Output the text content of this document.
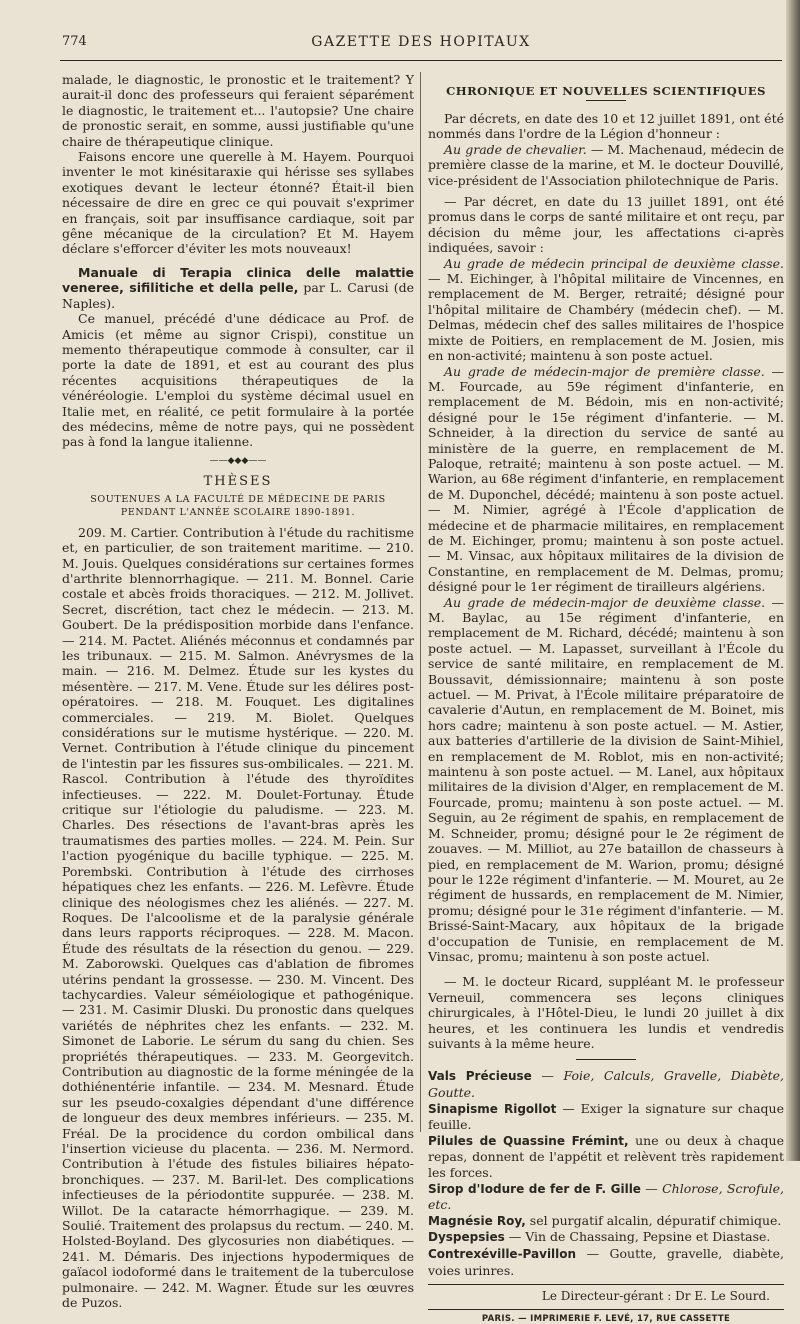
774	GAZETTE DES HOPITAUX

malade, le diagnostic, le pronostic et le traitement? Y aurait-il donc des professeurs qui feraient séparément le diagnostic, le traitement et... l'autopsie? Une chaire de pronostic serait, en somme, aussi justifiable qu'une chaire de thérapeutique clinique.

Faisons encore une querelle à M. Hayem. Pourquoi inventer le mot kinésitaraxie qui hérisse ses syllabes exotiques devant le lecteur étonné? Était-il bien nécessaire de dire en grec ce qui pouvait s'exprimer en français, soit par insuffisance cardiaque, soit par gêne mécanique de la circulation? Et M. Hayem déclare s'efforcer d'éviter les mots nouveaux!

Manuale di Terapia clinica delle malattie veneree, sifilitiche et della pelle, par L. Carusi (de Naples).

Ce manuel, précédé d'une dédicace au Prof. de Amicis (et même au signor Crispi), constitue un memento thérapeutique commode à consulter, car il porte la date de 1891, et est au courant des plus récentes acquisitions thérapeutiques de la vénéréologie. L'emploi du système décimal usuel en Italie met, en réalité, ce petit formulaire à la portée des médecins, même de notre pays, qui ne possèdent pas à fond la langue italienne.

——◆◆◆——
THÈSES
SOUTENUES A LA FACULTÉ DE MÉDECINE DE PARIS
PENDANT L'ANNÉE SCOLAIRE 1890-1891.

209. M. Cartier. Contribution à l'étude du rachitisme et, en particulier, de son traitement maritime. — 210. M. Jouis. Quelques considérations sur certaines formes d'arthrite blennorrhagique. — 211. M. Bonnel. Carie costale et abcès froids thoraciques. — 212. M. Jollivet. Secret, discrétion, tact chez le médecin. — 213. M. Goubert. De la prédisposition morbide dans l'enfance. — 214. M. Pactet. Aliénés méconnus et condamnés par les tribunaux. — 215. M. Salmon. Anévrysmes de la main. — 216. M. Delmez. Étude sur les kystes du mésentère. — 217. M. Vene. Étude sur les délires post-opératoires. — 218. M. Fouquet. Les digitalines commerciales. — 219. M. Biolet. Quelques considérations sur le mutisme hystérique. — 220. M. Vernet. Contribution à l'étude clinique du pincement de l'intestin par les fissures sus-ombilicales. — 221. M. Rascol. Contribution à l'étude des thyroïdites infectieuses. — 222. M. Doulet-Fortunay. Étude critique sur l'étiologie du paludisme. — 223. M. Charles. Des résections de l'avant-bras après les traumatismes des parties molles. — 224. M. Pein. Sur l'action pyogénique du bacille typhique. — 225. M. Porembski. Contribution à l'étude des cirrhoses hépatiques chez les enfants. — 226. M. Lefèvre. Étude clinique des néologismes chez les aliénés. — 227. M. Roques. De l'alcoolisme et de la paralysie générale dans leurs rapports réciproques. — 228. M. Macon. Étude des résultats de la résection du genou. — 229. M. Zaborowski. Quelques cas d'ablation de fibromes utérins pendant la grossesse. — 230. M. Vincent. Des tachycardies. Valeur séméiologique et pathogénique. — 231. M. Casimir Dluski. Du pronostic dans quelques variétés de néphrites chez les enfants. — 232. M. Simonet de Laborie. Le sérum du sang du chien. Ses propriétés thérapeutiques. — 233. M. Georgevitch. Contribution au diagnostic de la forme méningée de la dothiénentérie infantile. — 234. M. Mesnard. Étude sur les pseudo-coxalgies dépendant d'une différence de longueur des deux membres inférieurs. — 235. M. Fréal. De la procidence du cordon ombilical dans l'insertion vicieuse du placenta. — 236. M. Nermord. Contribution à l'étude des fistules biliaires hépato-bronchiques. — 237. M. Baril-let. Des complications infectieuses de la périodontite suppurée. — 238. M. Willot. De la cataracte hémorrhagique. — 239. M. Soulié. Traitement des prolapsus du rectum. — 240. M. Holsted-Boyland. Des glycosuries non diabétiques. — 241. M. Démaris. Des injections hypodermiques de gaïacol iodoformé dans le traitement de la tuberculose pulmonaire. — 242. M. Wagner. Étude sur les œuvres de Puzos.

CHRONIQUE ET NOUVELLES SCIENTIFIQUES

Par décrets, en date des 10 et 12 juillet 1891, ont été nommés dans l'ordre de la Légion d'honneur :

Au grade de chevalier. — M. Machenaud, médecin de première classe de la marine, et M. le docteur Douvillé, vice-président de l'Association philotechnique de Paris.

— Par décret, en date du 13 juillet 1891, ont été promus dans le corps de santé militaire et ont reçu, par décision du même jour, les affectations ci-après indiquées, savoir :

Au grade de médecin principal de deuxième classe. — M. Eichinger, à l'hôpital militaire de Vincennes, en remplacement de M. Berger, retraité; désigné pour l'hôpital militaire de Chambéry (médecin chef). — M. Delmas, médecin chef des salles militaires de l'hospice mixte de Poitiers, en remplacement de M. Josien, mis en non-activité; maintenu à son poste actuel.

Au grade de médecin-major de première classe. — M. Fourcade, au 59e régiment d'infanterie, en remplacement de M. Bédoin, mis en non-activité; désigné pour le 15e régiment d'infanterie. — M. Schneider, à la direction du service de santé au ministère de la guerre, en remplacement de M. Paloque, retraité; maintenu à son poste actuel. — M. Warion, au 68e régiment d'infanterie, en remplacement de M. Duponchel, décédé; maintenu à son poste actuel. — M. Nimier, agrégé à l'École d'application de médecine et de pharmacie militaires, en remplacement de M. Eichinger, promu; maintenu à son poste actuel. — M. Vinsac, aux hôpitaux militaires de la division de Constantine, en remplacement de M. Delmas, promu; désigné pour le 1er régiment de tirailleurs algériens.

Au grade de médecin-major de deuxième classe. — M. Baylac, au 15e régiment d'infanterie, en remplacement de M. Richard, décédé; maintenu à son poste actuel. — M. Lapasset, surveillant à l'École du service de santé militaire, en remplacement de M. Boussavit, démissionnaire; maintenu à son poste actuel. — M. Privat, à l'École militaire préparatoire de cavalerie d'Autun, en remplacement de M. Boinet, mis hors cadre; maintenu à son poste actuel. — M. Astier, aux batteries d'artillerie de la division de Saint-Mihiel, en remplacement de M. Roblot, mis en non-activité; maintenu à son poste actuel. — M. Lanel, aux hôpitaux militaires de la division d'Alger, en remplacement de M. Fourcade, promu; maintenu à son poste actuel. — M. Seguin, au 2e régiment de spahis, en remplacement de M. Schneider, promu; désigné pour le 2e régiment de zouaves. — M. Milliot, au 27e bataillon de chasseurs à pied, en remplacement de M. Warion, promu; désigné pour le 122e régiment d'infanterie. — M. Mouret, au 2e régiment de hussards, en remplacement de M. Nimier, promu; désigné pour le 31e régiment d'infanterie. — M. Brissé-Saint-Macary, aux hôpitaux de la brigade d'occupation de Tunisie, en remplacement de M. Vinsac, promu; maintenu à son poste actuel.

— M. le docteur Ricard, suppléant M. le professeur Verneuil, commencera ses leçons cliniques chirurgicales, à l'Hôtel-Dieu, le lundi 20 juillet à dix heures, et les continuera les lundis et vendredis suivants à la même heure.

Vals Précieuse — Foie, Calculs, Gravelle, Diabète, Goutte.

Sinapisme Rigollot — Exiger la signature sur chaque feuille.

Pilules de Quassine Frémint, une ou deux à chaque repas, donnent de l'appétit et relèvent très rapidement les forces.

Sirop d'Iodure de fer de F. Gille — Chlorose, Scrofule, etc.

Magnésie Roy, sel purgatif alcalin, dépuratif chimique.

Dyspepsies — Vin de Chassaing, Pepsine et Diastase.

Contrexéville-Pavillon — Goutte, gravelle, diabète, voies urinres.

Le Directeur-gérant : Dr E. Le Sourd.
PARIS. — IMPRIMERIE F. LEVÉ, 17, RUE CASSETTE
